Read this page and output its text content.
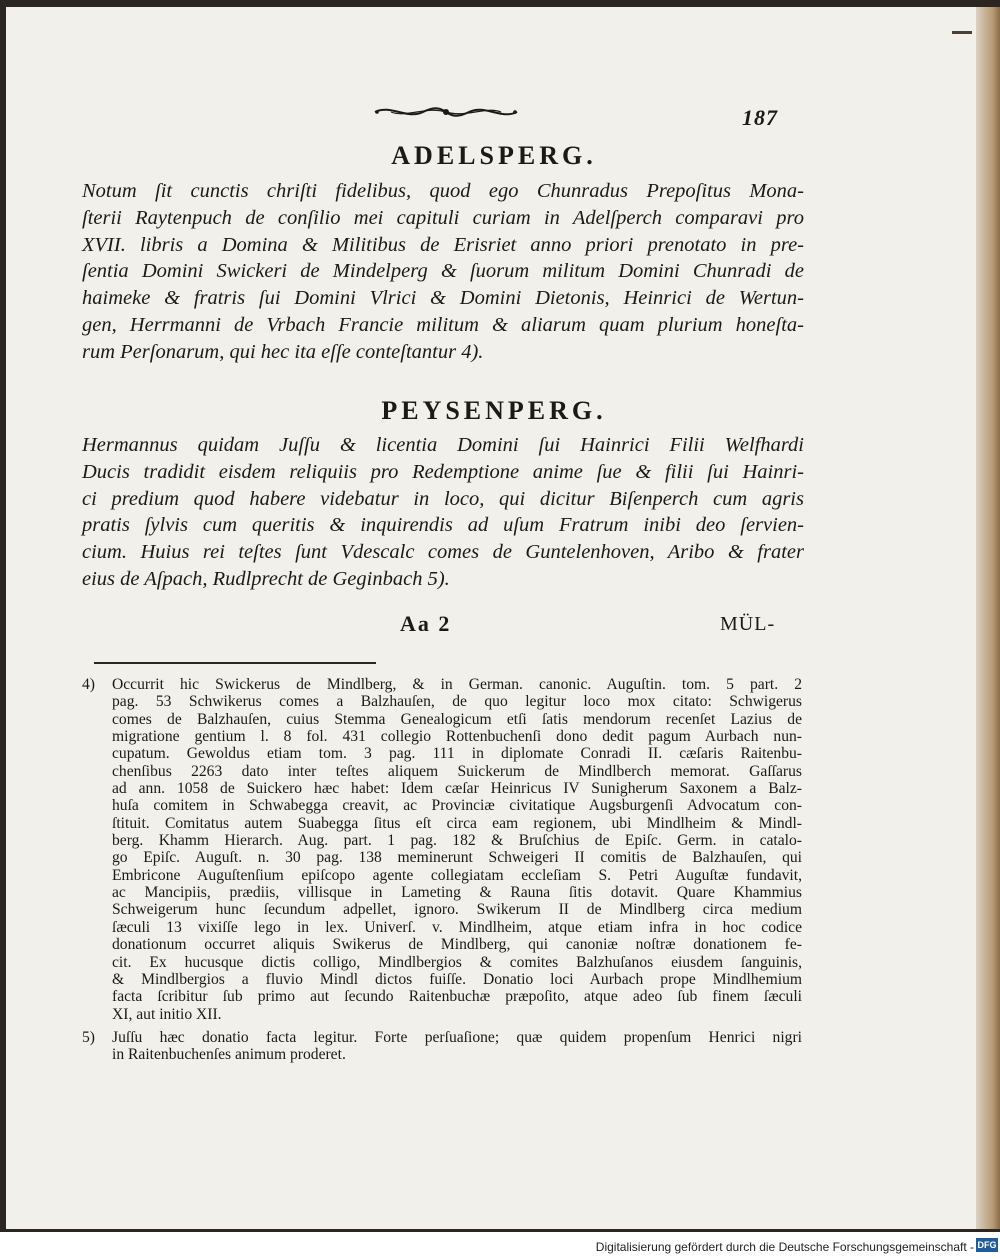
187
ADELSPERG.
Notum ſit cunctis chriſti fidelibus, quod ego Chunradus Prepoſitus Mona-
ſterii Raytenpuch de conſilio mei capituli curiam in Adelſperch comparavi pro
XVII. libris a Domina & Militibus de Erisriet anno priori prenotato in pre-
ſentia Domini Swickeri de Mindelperg & ſuorum militum Domini Chunradi de
haimeke & fratris ſui Domini Vlrici & Domini Dietonis, Heinrici de Wertun-
gen, Herrmanni de Vrbach Francie militum & aliarum quam plurium honeſta-
rum Perſonarum, qui hec ita eſſe conteſtantur 4).
PEYSENPERG.
Hermannus quidam Juſſu & licentia Domini ſui Hainrici Filii Welfhardi
Ducis tradidit eisdem reliquiis pro Redemptione anime ſue & filii ſui Hainri-
ci predium quod habere videbatur in loco, qui dicitur Biſenperch cum agris
pratis ſylvis cum queritis & inquirendis ad uſum Fratrum inibi deo ſervien-
cium. Huius rei teſtes ſunt Vdescalc comes de Guntelenhoven, Aribo & frater
eius de Aſpach, Rudlprecht de Geginbach 5).
Aa 2	MÜL-
4) Occurrit hic Swickerus de Mindlberg, & in German. canonic. Auguſtin. tom. 5 part. 2
pag. 53 Schwikerus comes a Balzhauſen, de quo legitur loco mox citato: Schwigerus
comes de Balzhauſen, cuius Stemma Genealogicum etſi ſatis mendorum recenſet Lazius de
migratione gentium l. 8 fol. 431 collegio Rottenbuchenſi dono dedit pagum Aurbach nun-
cupatum. Gewoldus etiam tom. 3 pag. 111 in diplomate Conradi II. cæſaris Raitenbu-
chenſibus 2263 dato inter teſtes aliquem Suickerum de Mindlberch memorat. Gaſſarus
ad ann. 1058 de Suickero hæc habet: Idem cæſar Heinricus IV Sunigherum Saxonem a Balz-
huſa comitem in Schwabegga creavit, ac Provinciæ civitatique Augsburgenſi Advocatum con-
ſtituit. Comitatus autem Suabegga ſitus eſt circa eam regionem, ubi Mindlheim & Mindl-
berg. Khamm Hierarch. Aug. part. 1 pag. 182 & Bruſchius de Epiſc. Germ. in catalo-
go Epiſc. Auguſt. n. 30 pag. 138 meminerunt Schweigeri II comitis de Balzhauſen, qui
Embricone Auguſtenſium epiſcopo agente collegiatam eccleſiam S. Petri Auguſtæ fundavit,
ac Mancipiis, prædiis, villisque in Lameting & Rauna ſitis dotavit. Quare Khammius
Schweigerum hunc ſecundum adpellet, ignoro. Swikerum II de Mindlberg circa medium
ſæculi 13 vixiſſe lego in lex. Univerſ. v. Mindlheim, atque etiam infra in hoc codice
donationum occurret aliquis Swikerus de Mindlberg, qui canoniæ noſtræ donationem fe-
cit. Ex hucusque dictis colligo, Mindlbergios & comites Balzhuſanos eiusdem ſanguinis,
& Mindlbergios a fluvio Mindl dictos fuiſſe. Donatio loci Aurbach prope Mindlhemium
facta ſcribitur ſub primo aut ſecundo Raitenbuchæ præpoſito, atque adeo ſub finem ſæculi
XI, aut initio XII.
5) Juſſu hæc donatio facta legitur. Forte perſuaſione; quæ quidem propenſum Henrici nigri
in Raitenbuchenſes animum proderet.
Digitalisierung gefördert durch die Deutsche Forschungsgemeinschaft - DFG
